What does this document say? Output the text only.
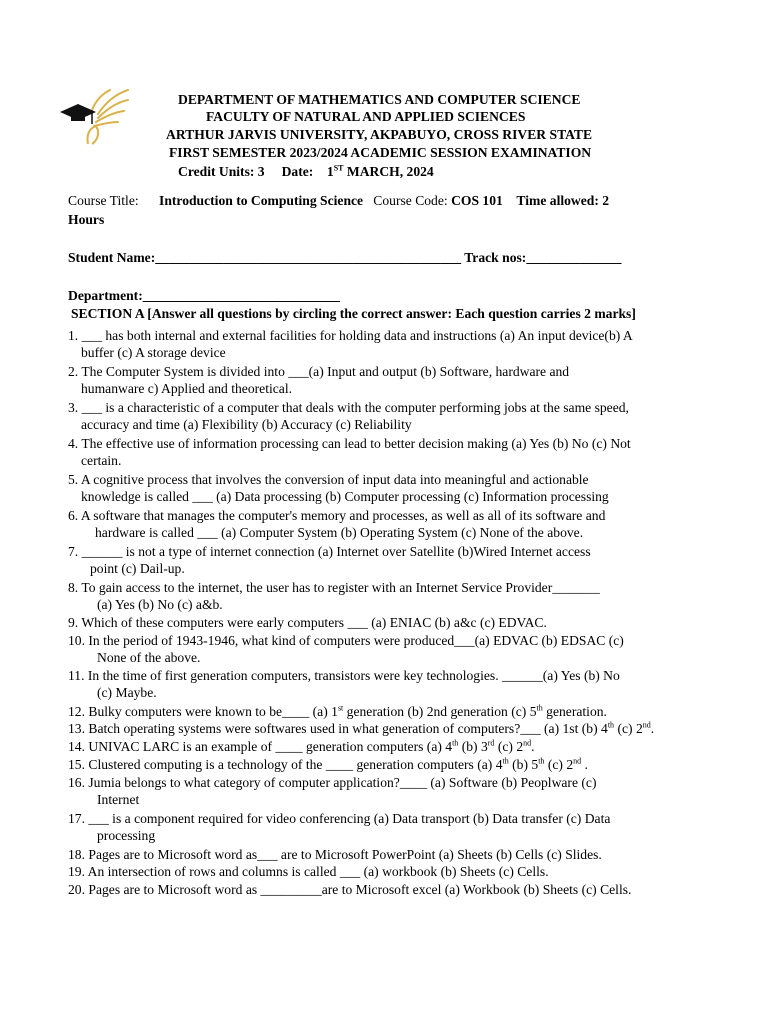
DEPARTMENT OF MATHEMATICS AND COMPUTER SCIENCE
FACULTY OF NATURAL AND APPLIED SCIENCES
ARTHUR JARVIS UNIVERSITY, AKPABUYO, CROSS RIVER STATE
FIRST SEMESTER 2023/2024 ACADEMIC SESSION EXAMINATION
Credit Units: 3 Date: 1ST MARCH, 2024
Course Title: Introduction to Computing Science Course Code: COS 101 Time allowed: 2
Hours
Student Name:_____________________________________________ Track nos:______________
Department:_____________________________
SECTION A [Answer all questions by circling the correct answer: Each question carries 2 marks]
1. ___ has both internal and external facilities for holding data and instructions (a) An input device(b) A
buffer (c) A storage device
2. The Computer System is divided into ___(a) Input and output (b) Software, hardware and
humanware c) Applied and theoretical.
3. ___ is a characteristic of a computer that deals with the computer performing jobs at the same speed,
accuracy and time (a) Flexibility (b) Accuracy (c) Reliability
4. The effective use of information processing can lead to better decision making (a) Yes (b) No (c) Not
certain.
5. A cognitive process that involves the conversion of input data into meaningful and actionable
knowledge is called ___ (a) Data processing (b) Computer processing (c) Information processing
6. A software that manages the computer's memory and processes, as well as all of its software and
hardware is called ___ (a) Computer System (b) Operating System (c) None of the above.
7. ______ is not a type of internet connection (a) Internet over Satellite (b)Wired Internet access
point (c) Dail-up.
8. To gain access to the internet, the user has to register with an Internet Service Provider_______
(a) Yes (b) No (c) a&b.
9. Which of these computers were early computers ___ (a) ENIAC (b) a&c (c) EDVAC.
10. In the period of 1943-1946, what kind of computers were produced___(a) EDVAC (b) EDSAC (c)
None of the above.
11. In the time of first generation computers, transistors were key technologies. ______(a) Yes (b) No
(c) Maybe.
12. Bulky computers were known to be____ (a) 1st generation (b) 2nd generation (c) 5th generation.
13. Batch operating systems were softwares used in what generation of computers?___ (a) 1st (b) 4th (c) 2nd.
14. UNIVAC LARC is an example of ____ generation computers (a) 4th (b) 3rd (c) 2nd.
15. Clustered computing is a technology of the ____ generation computers (a) 4th (b) 5th (c) 2nd .
16. Jumia belongs to what category of computer application?____ (a) Software (b) Peoplware (c)
Internet
17. ___ is a component required for video conferencing (a) Data transport (b) Data transfer (c) Data
processing
18. Pages are to Microsoft word as___ are to Microsoft PowerPoint (a) Sheets (b) Cells (c) Slides.
19. An intersection of rows and columns is called ___ (a) workbook (b) Sheets (c) Cells.
20. Pages are to Microsoft word as _________are to Microsoft excel (a) Workbook (b) Sheets (c) Cells.
